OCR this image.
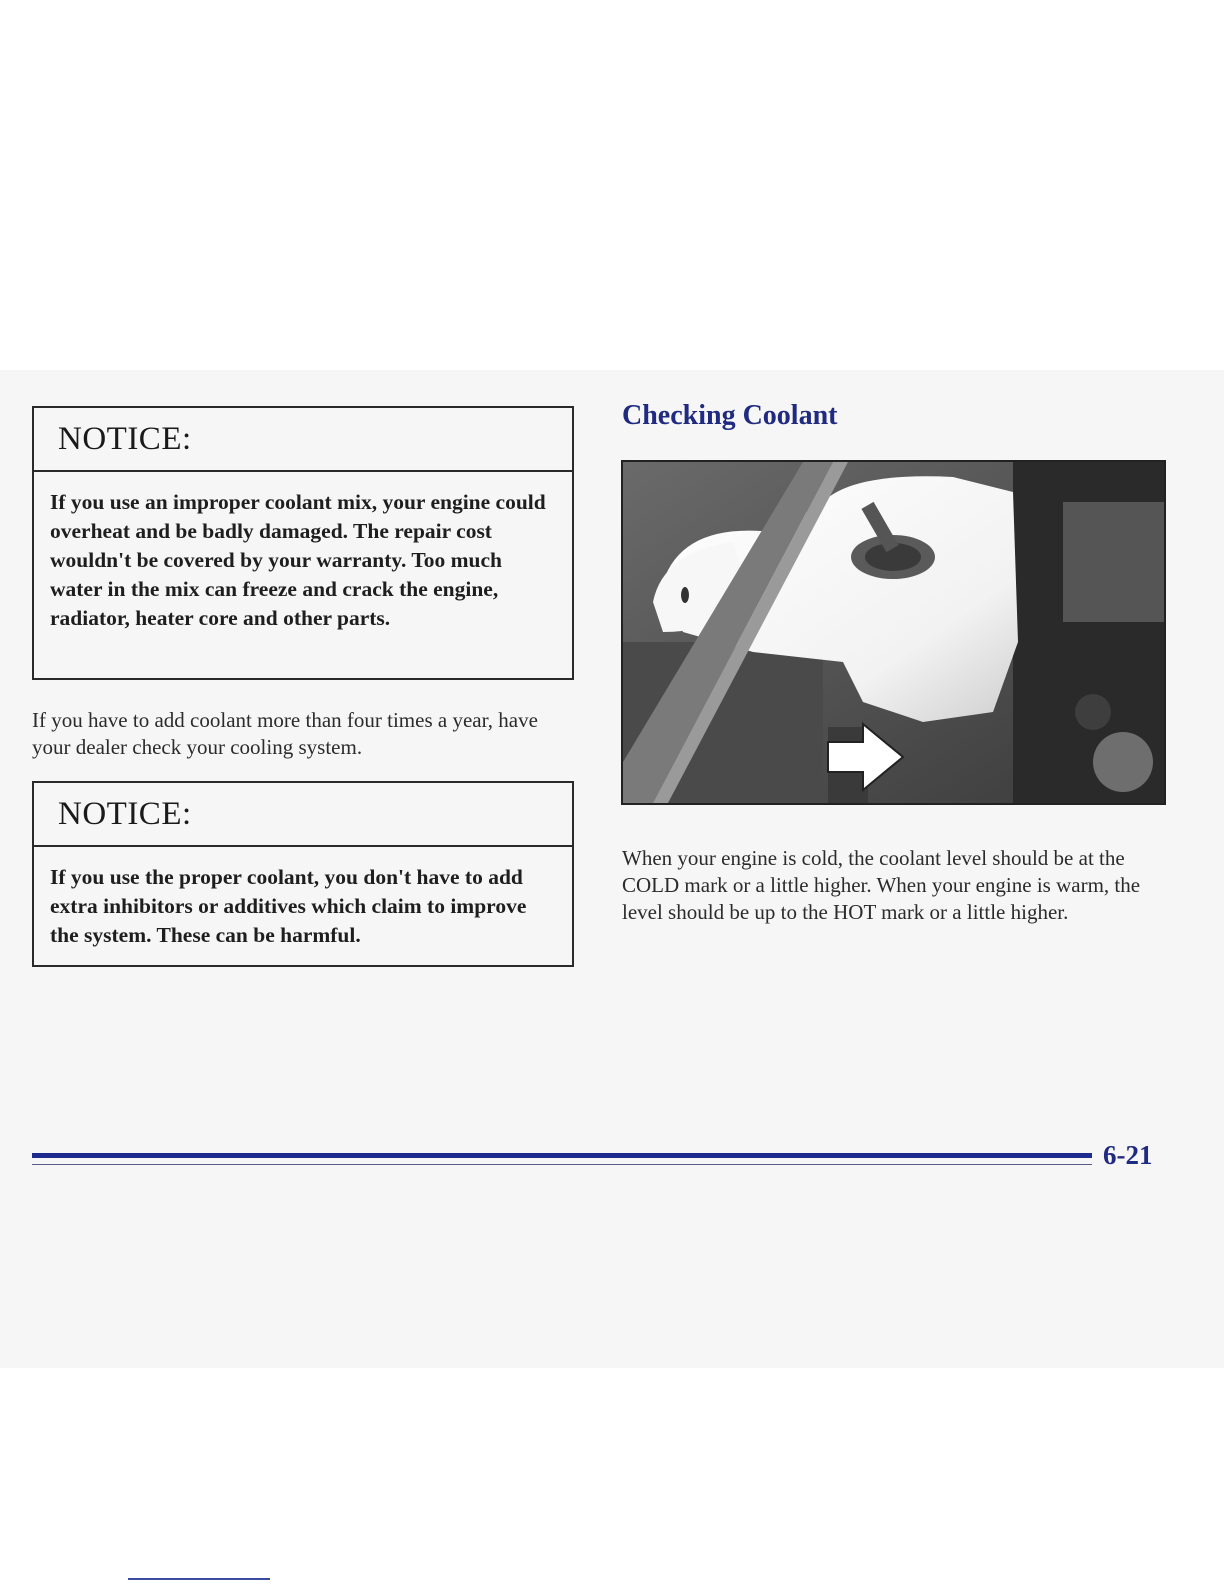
NOTICE:
If you use an improper coolant mix, your engine could overheat and be badly damaged. The repair cost wouldn't be covered by your warranty. Too much water in the mix can freeze and crack the engine, radiator, heater core and other parts.
If you have to add coolant more than four times a year, have your dealer check your cooling system.
NOTICE:
If you use the proper coolant, you don't have to add extra inhibitors or additives which claim to improve the system. These can be harmful.
Checking Coolant
When your engine is cold, the coolant level should be at the COLD mark or a little higher. When your engine is warm, the level should be up to the HOT mark or a little higher.
6-21
